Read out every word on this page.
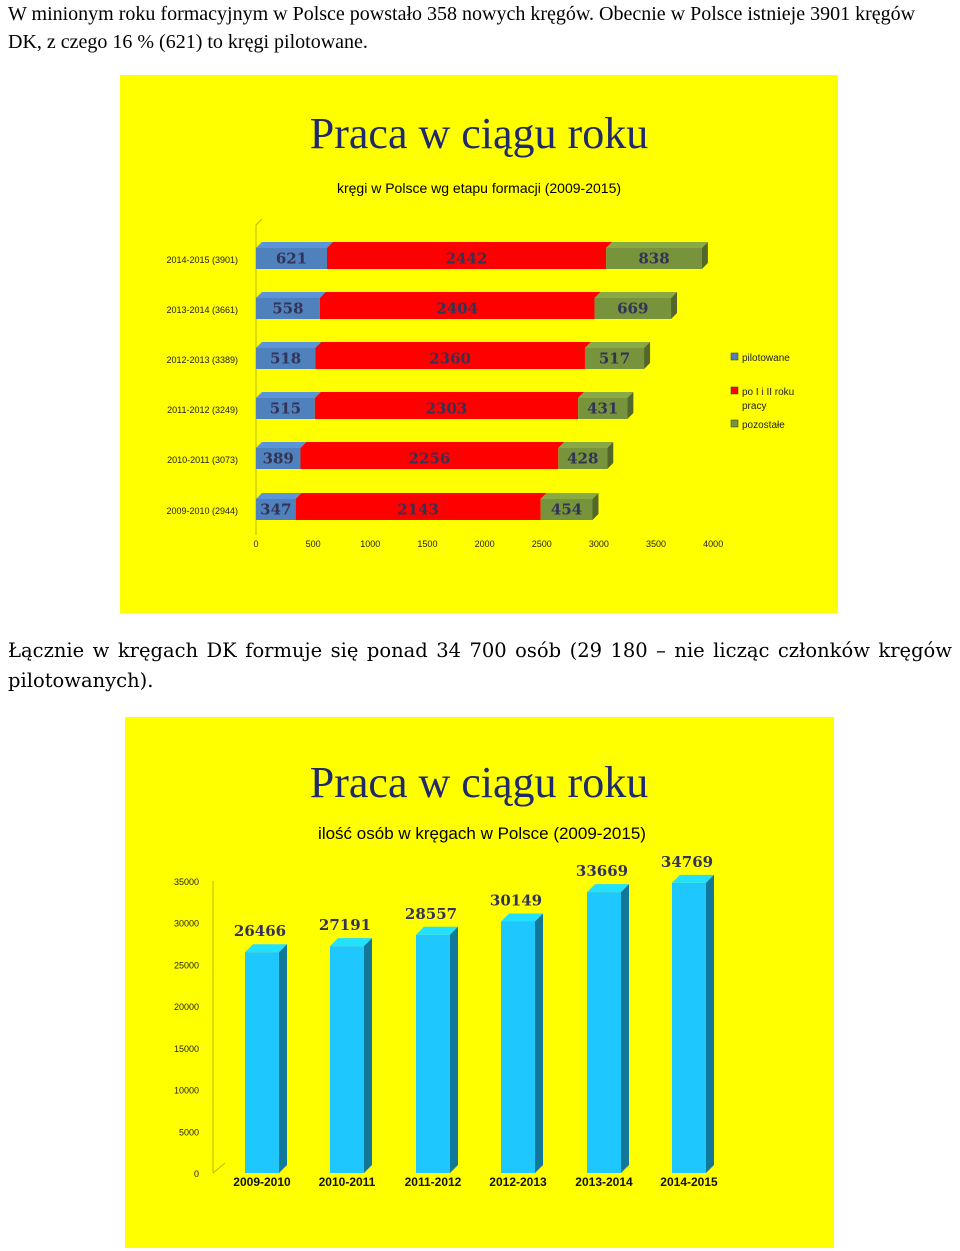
W minionym roku formacyjnym w Polsce powstało 358 nowych kręgów. Obecnie w Polsce istnieje 3901 kręgów DK, z czego 16 % (621) to kręgi pilotowane.

Praca w ciągu roku
kręgi w Polsce wg etapu formacji (2009-2015)
2014-2015 (3901)	621	2442	838
2013-2014 (3661) 558	2404	669
2012-2013 (3389) 518	2360	517
2011-2012 (3249) 515	2303	431
2010-2011 (3073) 389	2256	428
2009-2010 (2944) 347	2143	454
0	500	1000	1500	2000	2500	3000	3500	4000
pilotowane
po I i II roku
pracy
pozostałe

Łącznie w kręgach DK formuje się ponad 34 700 osób (29 180 – nie licząc członków kręgów pilotowanych).

Praca w ciągu roku
ilość osób w kręgach w Polsce (2009-2015)
0
5000
10000
15000
20000
25000
30000
35000
26466
2009-2010
27191
2010-2011
28557
2011-2012
30149
2012-2013
33669
2013-2014
34769
2014-2015
